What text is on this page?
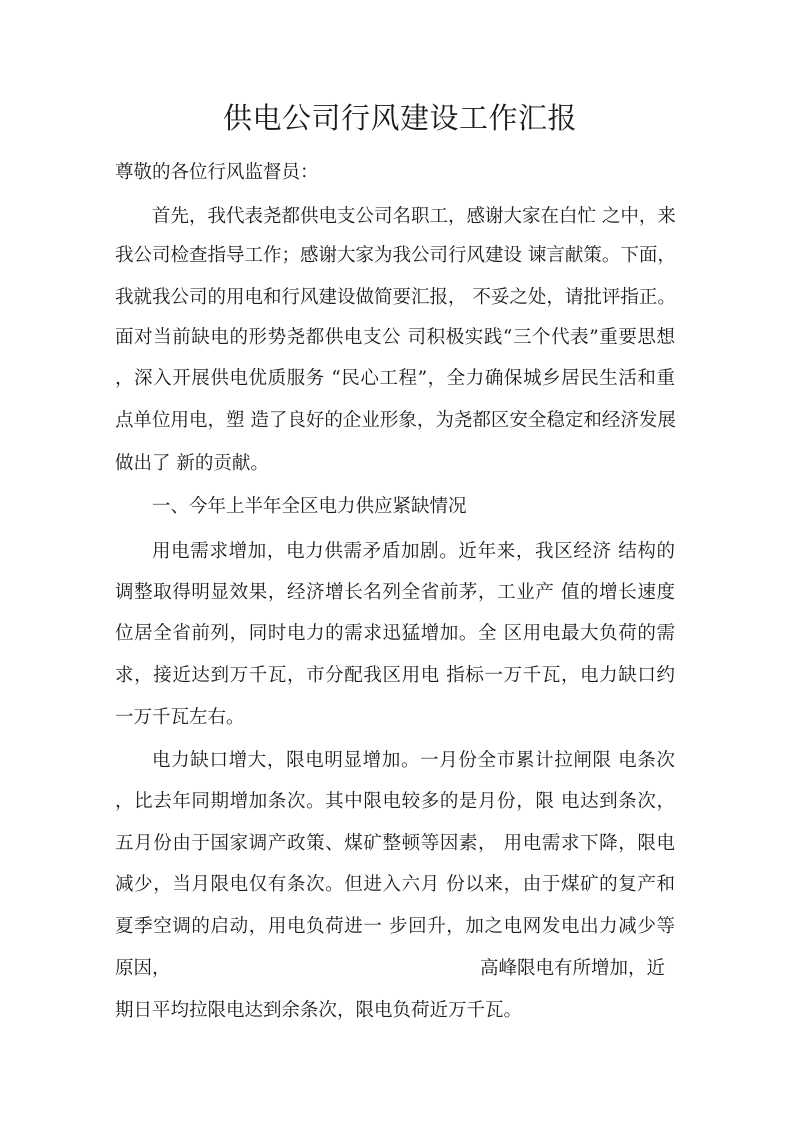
供电公司行风建设工作汇报
尊敬的各位行风监督员：
首先，我代表尧都供电支公司名职工，感谢大家在白忙 之中，来
我公司检查指导工作；感谢大家为我公司行风建设 谏言献策。下面，
我就我公司的用电和行风建设做简要汇报， 不妥之处，请批评指正。
面对当前缺电的形势尧都供电支公 司积极实践“三个代表”重要思想
，深入开展供电优质服务 “民心工程”，全力确保城乡居民生活和重
点单位用电，塑 造了良好的企业形象，为尧都区安全稳定和经济发展
做出了 新的贡献。
一、今年上半年全区电力供应紧缺情况
用电需求增加，电力供需矛盾加剧。近年来，我区经济 结构的
调整取得明显效果，经济增长名列全省前茅，工业产 值的增长速度
位居全省前列，同时电力的需求迅猛增加。全 区用电最大负荷的需
求，接近达到万千瓦，市分配我区用电 指标一万千瓦，电力缺口约
一万千瓦左右。
电力缺口增大，限电明显增加。一月份全市累计拉闸限 电条次
，比去年同期增加条次。其中限电较多的是月份，限 电达到条次，
五月份由于国家调产政策、煤矿整顿等因素， 用电需求下降，限电
减少，当月限电仅有条次。但进入六月 份以来，由于煤矿的复产和
夏季空调的启动，用电负荷进一 步回升，加之电网发电出力减少等
原因，	高峰限电有所增加，近
期日平均拉限电达到余条次，限电负荷近万千瓦。
